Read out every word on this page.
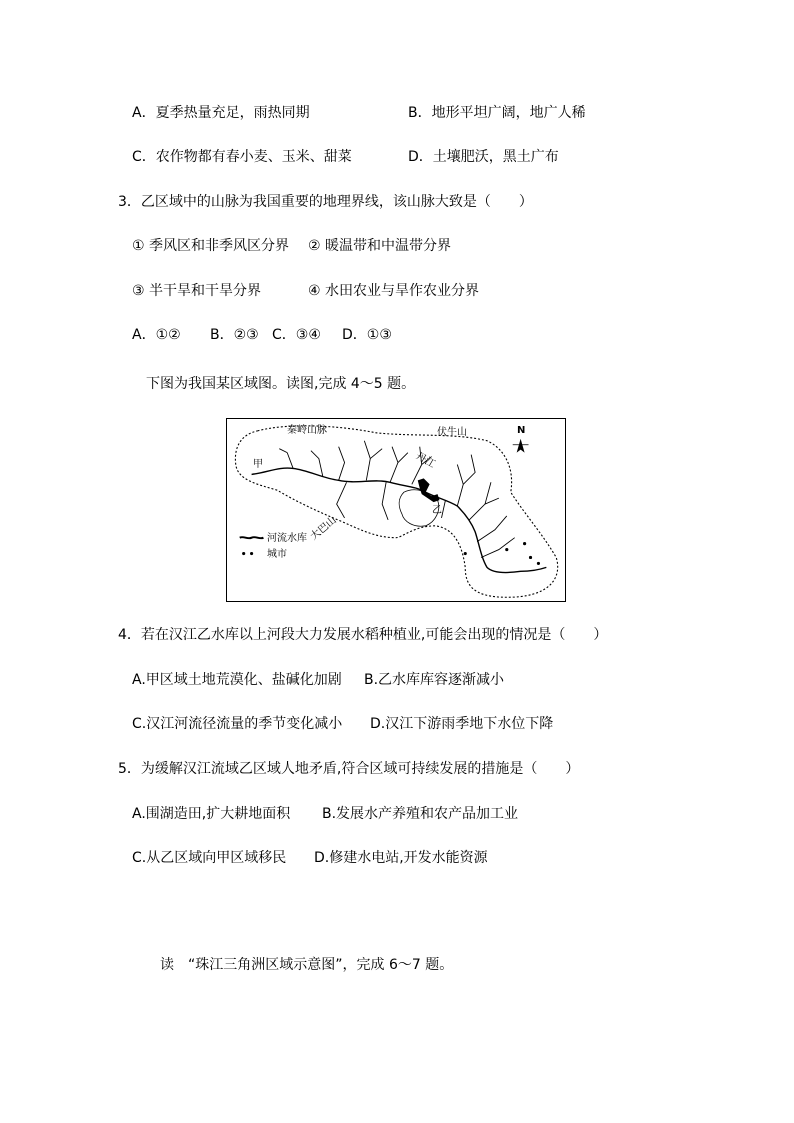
A．夏季热量充足，雨热同期	B．地形平坦广阔，地广人稀
C．农作物都有春小麦、玉米、甜菜	D．土壤肥沃，黑土广布
3．乙区域中的山脉为我国重要的地理界线，该山脉大致是（　　）
① 季风区和非季风区分界 ② 暖温带和中温带分界
③ 半干旱和干旱分界	④ 水田农业与旱作农业分界
A．①② B．②③ C．③④ D．①③
下图为我国某区域图。读图,完成 4～5 题。
秦岭山脉	伏牛山	N
甲
乙
丹江
大巴山
河流水库
城市
4．若在汉江乙水库以上河段大力发展水稻种植业,可能会出现的情况是（　　）
A.甲区域土地荒漠化、盐碱化加剧 B.乙水库库容逐渐减小
C.汉江河流径流量的季节变化减小 D.汉江下游雨季地下水位下降
5．为缓解汉江流域乙区域人地矛盾,符合区域可持续发展的措施是（　　）
A.围湖造田,扩大耕地面积 B.发展水产养殖和农产品加工业
C.从乙区域向甲区域移民 D.修建水电站,开发水能资源
读　“珠江三角洲区域示意图”，完成 6～7 题。
